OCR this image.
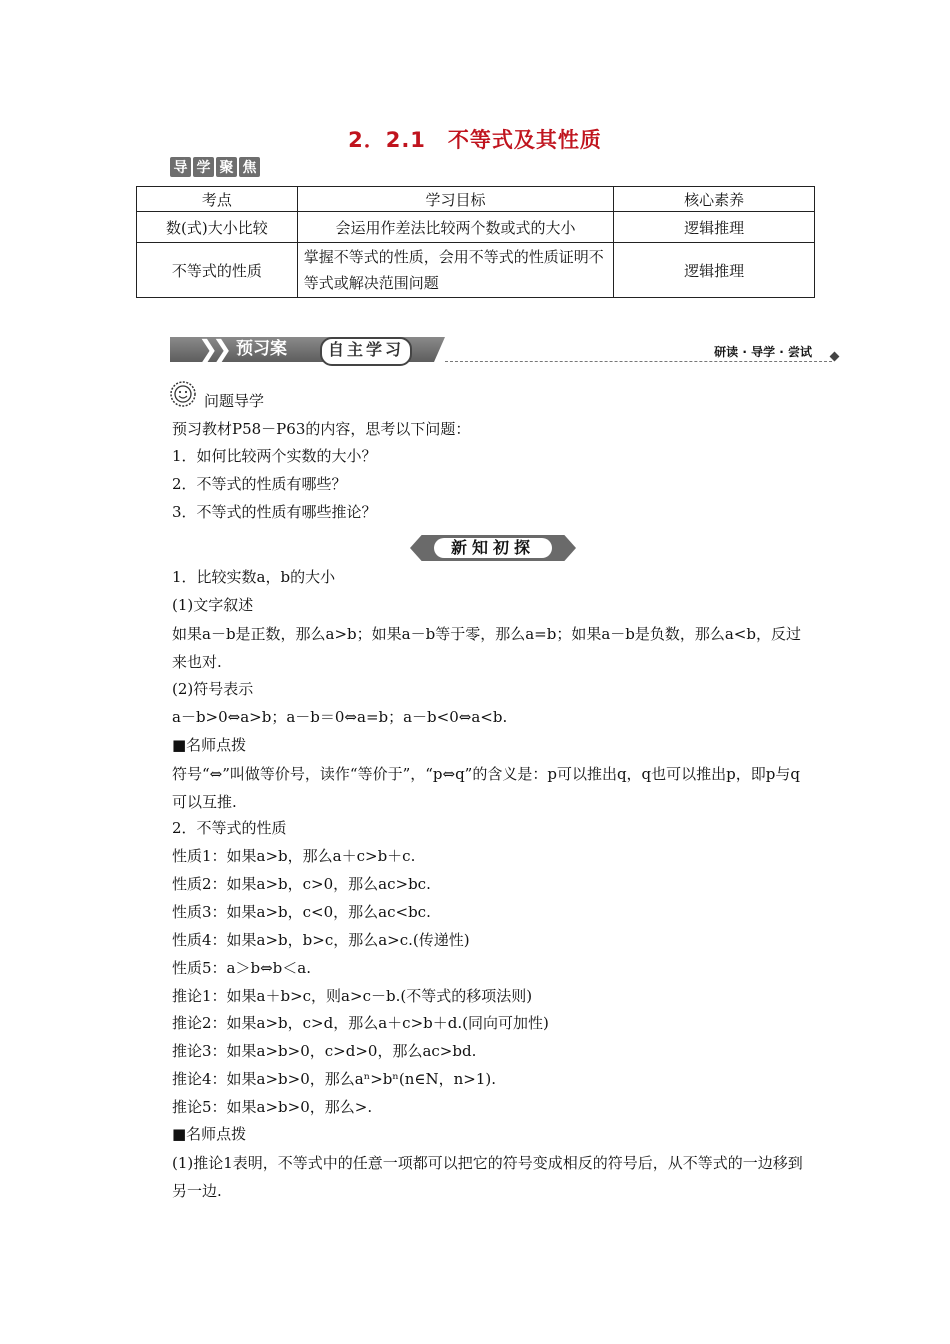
2．2.1　不等式及其性质
导 学 聚 焦
考点	学习目标	核心素养
数(式)大小比较	会运用作差法比较两个数或式的大小	逻辑推理
不等式的性质	掌握不等式的性质，会用不等式的性质证明不等式或解决范围问题	逻辑推理
❯❯ 预习案	自主学习	研读 · 导学 · 尝试
问题导学
预习教材P58－P63的内容，思考以下问题：
1．如何比较两个实数的大小？
2．不等式的性质有哪些？
3．不等式的性质有哪些推论？
新知初探
1．比较实数a，b的大小
(1)文字叙述
如果a－b是正数，那么a>b；如果a－b等于零，那么a=b；如果a－b是负数，那么a<b，反过来也对.
(2)符号表示
a－b>0⇔a>b；a－b＝0⇔a=b；a－b<0⇔a<b.
■名师点拨
符号“⇔”叫做等价号，读作“等价于”，“p⇔q”的含义是：p可以推出q，q也可以推出p，即p与q可以互推.
2．不等式的性质
性质1：如果a>b，那么a＋c>b＋c.
性质2：如果a>b，c>0，那么ac>bc.
性质3：如果a>b，c<0，那么ac<bc.
性质4：如果a>b，b>c，那么a>c.(传递性)
性质5：a＞b⇔b＜a.
推论1：如果a＋b>c，则a>c－b.(不等式的移项法则)
推论2：如果a>b，c>d，那么a＋c>b＋d.(同向可加性)
推论3：如果a>b>0，c>d>0，那么ac>bd.
推论4：如果a>b>0，那么aⁿ>bⁿ(n∈N，n>1).
推论5：如果a>b>0，那么>.
■名师点拨
(1)推论1表明，不等式中的任意一项都可以把它的符号变成相反的符号后，从不等式的一边移到另一边.
